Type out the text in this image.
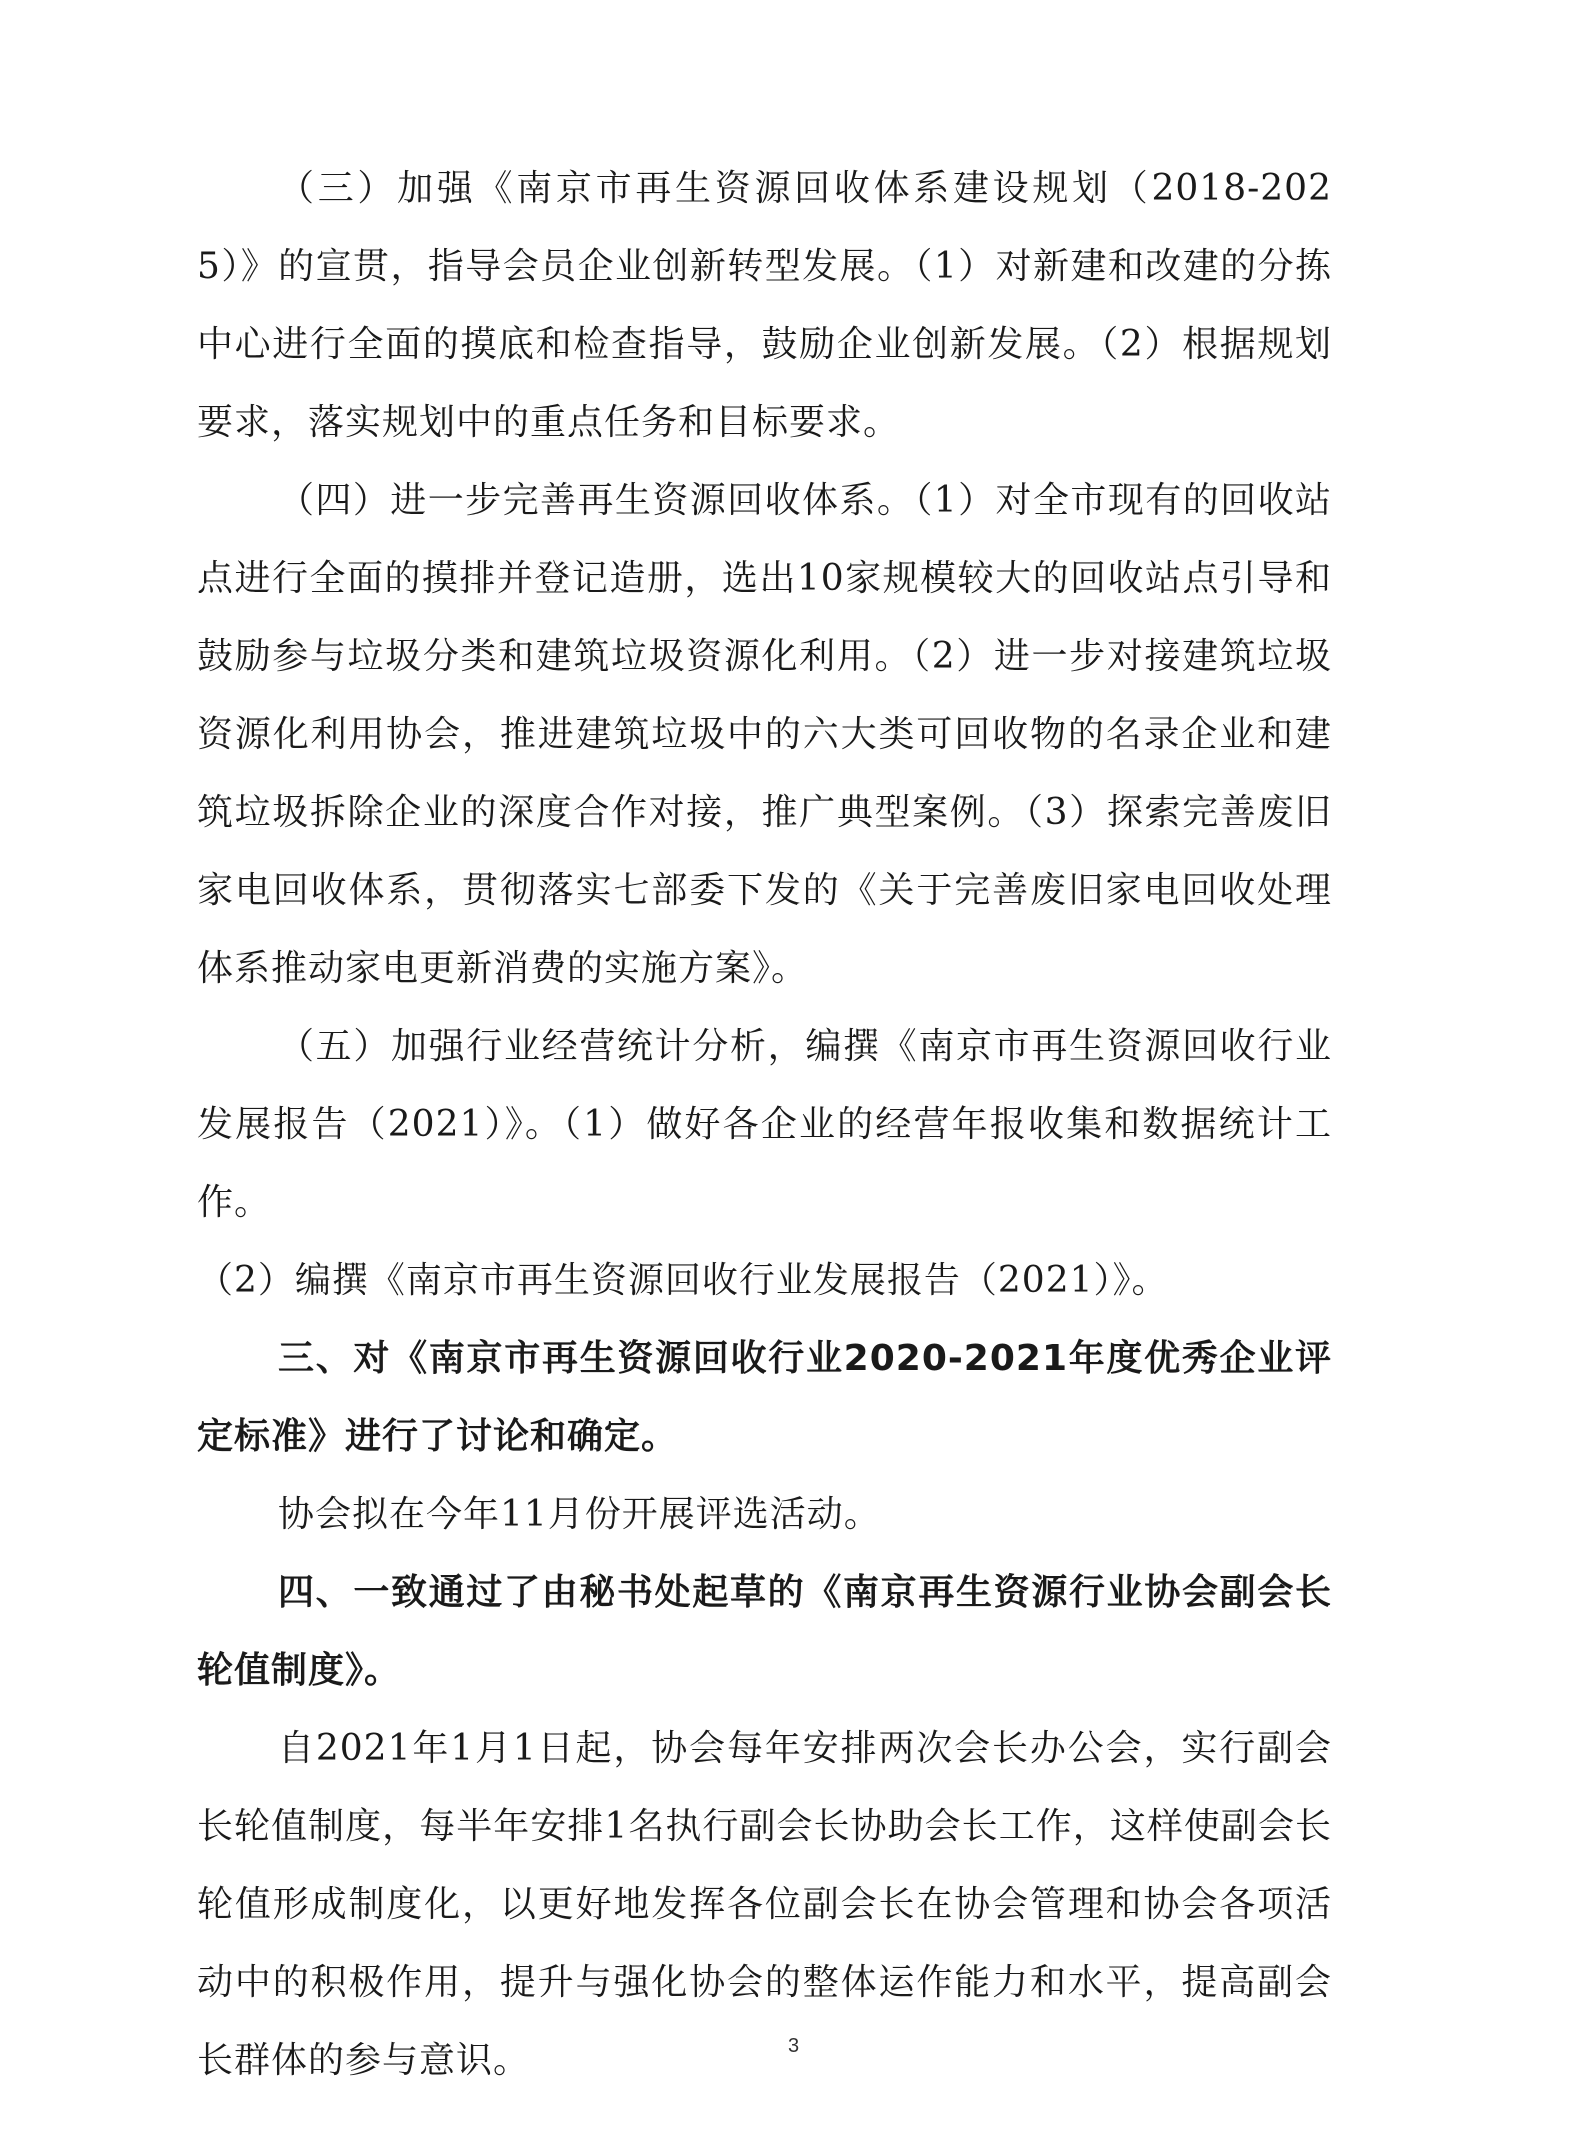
（三）加强《南京市再生资源回收体系建设规划（2018-2025）》的宣贯，指导会员企业创新转型发展。（1）对新建和改建的分拣中心进行全面的摸底和检查指导，鼓励企业创新发展。（2）根据规划要求，落实规划中的重点任务和目标要求。

（四）进一步完善再生资源回收体系。（1）对全市现有的回收站点进行全面的摸排并登记造册，选出10家规模较大的回收站点引导和鼓励参与垃圾分类和建筑垃圾资源化利用。（2）进一步对接建筑垃圾资源化利用协会，推进建筑垃圾中的六大类可回收物的名录企业和建筑垃圾拆除企业的深度合作对接，推广典型案例。（3）探索完善废旧家电回收体系，贯彻落实七部委下发的《关于完善废旧家电回收处理体系推动家电更新消费的实施方案》。

（五）加强行业经营统计分析，编撰《南京市再生资源回收行业发展报告（2021）》。（1）做好各企业的经营年报收集和数据统计工作。

（2）编撰《南京市再生资源回收行业发展报告（2021）》。

三、对《南京市再生资源回收行业2020-2021年度优秀企业评定标准》进行了讨论和确定。

协会拟在今年11月份开展评选活动。

四、一致通过了由秘书处起草的《南京再生资源行业协会副会长轮值制度》。

自2021年1月1日起，协会每年安排两次会长办公会，实行副会长轮值制度，每半年安排1名执行副会长协助会长工作，这样使副会长轮值形成制度化，以更好地发挥各位副会长在协会管理和协会各项活动中的积极作用，提升与强化协会的整体运作能力和水平，提高副会长群体的参与意识。	3
